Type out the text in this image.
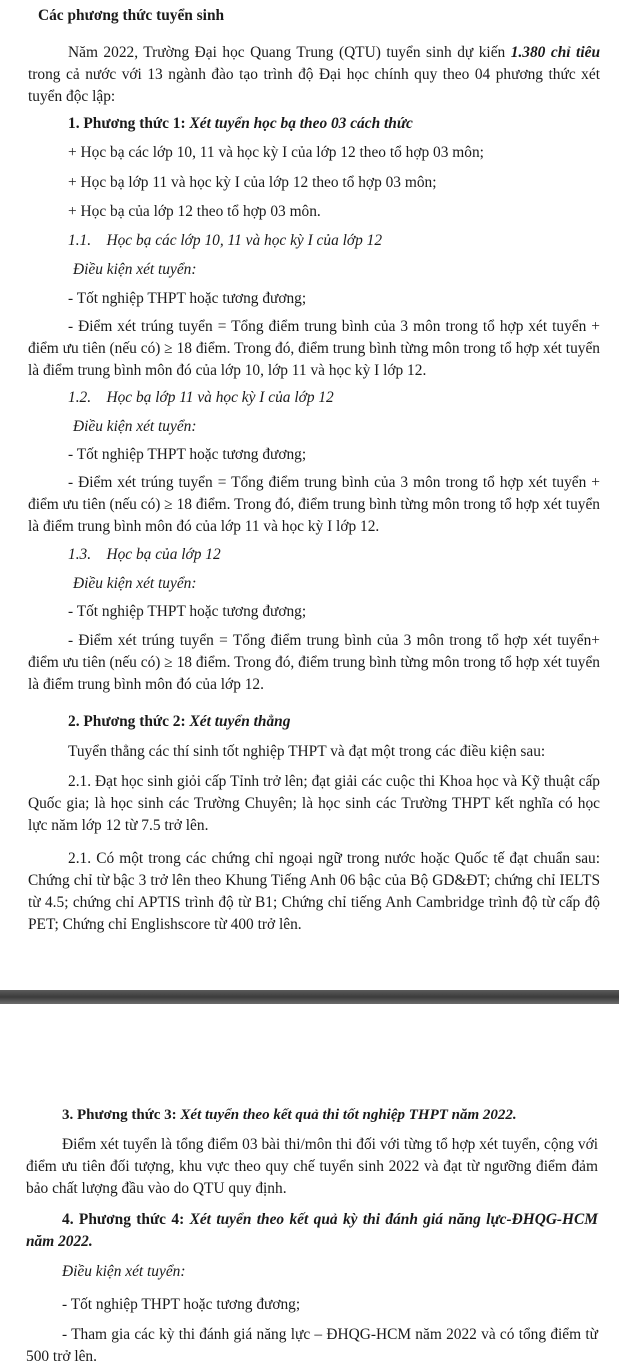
Các phương thức tuyển sinh

Năm 2022, Trường Đại học Quang Trung (QTU) tuyển sinh dự kiến 1.380 chỉ tiêu trong cả nước với 13 ngành đào tạo trình độ Đại học chính quy theo 04 phương thức xét tuyển độc lập:

1. Phương thức 1: Xét tuyển học bạ theo 03 cách thức

+ Học bạ các lớp 10, 11 và học kỳ I của lớp 12 theo tổ hợp 03 môn;

+ Học bạ lớp 11 và học kỳ I của lớp 12 theo tổ hợp 03 môn;

+ Học bạ của lớp 12 theo tổ hợp 03 môn.

1.1.    Học bạ các lớp 10, 11 và học kỳ I của lớp 12

Điều kiện xét tuyển:

- Tốt nghiệp THPT hoặc tương đương;

- Điểm xét trúng tuyển = Tổng điểm trung bình của 3 môn trong tổ hợp xét tuyển + điểm ưu tiên (nếu có) ≥ 18 điểm. Trong đó, điểm trung bình từng môn trong tổ hợp xét tuyển là điểm trung bình môn đó của lớp 10, lớp 11 và học kỳ I lớp 12.

1.2.    Học bạ lớp 11 và học kỳ I của lớp 12

Điều kiện xét tuyển:

- Tốt nghiệp THPT hoặc tương đương;

- Điểm xét trúng tuyển = Tổng điểm trung bình của 3 môn trong tổ hợp xét tuyển + điểm ưu tiên (nếu có) ≥ 18 điểm. Trong đó, điểm trung bình từng môn trong tổ hợp xét tuyển là điểm trung bình môn đó của lớp 11 và học kỳ I lớp 12.

1.3.    Học bạ của lớp 12

Điều kiện xét tuyển:

- Tốt nghiệp THPT hoặc tương đương;

- Điểm xét trúng tuyển = Tổng điểm trung bình của 3 môn trong tổ hợp xét tuyển+ điểm ưu tiên (nếu có) ≥ 18 điểm. Trong đó, điểm trung bình từng môn trong tổ hợp xét tuyển là điểm trung bình môn đó của lớp 12.

2. Phương thức 2: Xét tuyển thẳng

Tuyển thẳng các thí sinh tốt nghiệp THPT và đạt một trong các điều kiện sau:

2.1. Đạt học sinh giỏi cấp Tỉnh trở lên; đạt giải các cuộc thi Khoa học và Kỹ thuật cấp Quốc gia; là học sinh các Trường Chuyên; là học sinh các Trường THPT kết nghĩa có học lực năm lớp 12 từ 7.5 trở lên.

2.1. Có một trong các chứng chỉ ngoại ngữ trong nước hoặc Quốc tế đạt chuẩn sau: Chứng chỉ từ bậc 3 trở lên theo Khung Tiếng Anh 06 bậc của Bộ GD&ĐT; chứng chỉ IELTS từ 4.5; chứng chỉ APTIS trình độ từ B1; Chứng chỉ tiếng Anh Cambridge trình độ từ cấp độ PET; Chứng chỉ Englishscore từ 400 trở lên.

3. Phương thức 3: Xét tuyển theo kết quả thi tốt nghiệp THPT năm 2022.

Điểm xét tuyển là tổng điểm 03 bài thi/môn thi đối với từng tổ hợp xét tuyển, cộng với điểm ưu tiên đối tượng, khu vực theo quy chế tuyển sinh 2022 và đạt từ ngưỡng điểm đảm bảo chất lượng đầu vào do QTU quy định.

4. Phương thức 4: Xét tuyển theo kết quả kỳ thi đánh giá năng lực-ĐHQG-HCM năm 2022.

Điều kiện xét tuyển:

- Tốt nghiệp THPT hoặc tương đương;

- Tham gia các kỳ thi đánh giá năng lực – ĐHQG-HCM năm 2022 và có tổng điểm từ 500 trở lên.
